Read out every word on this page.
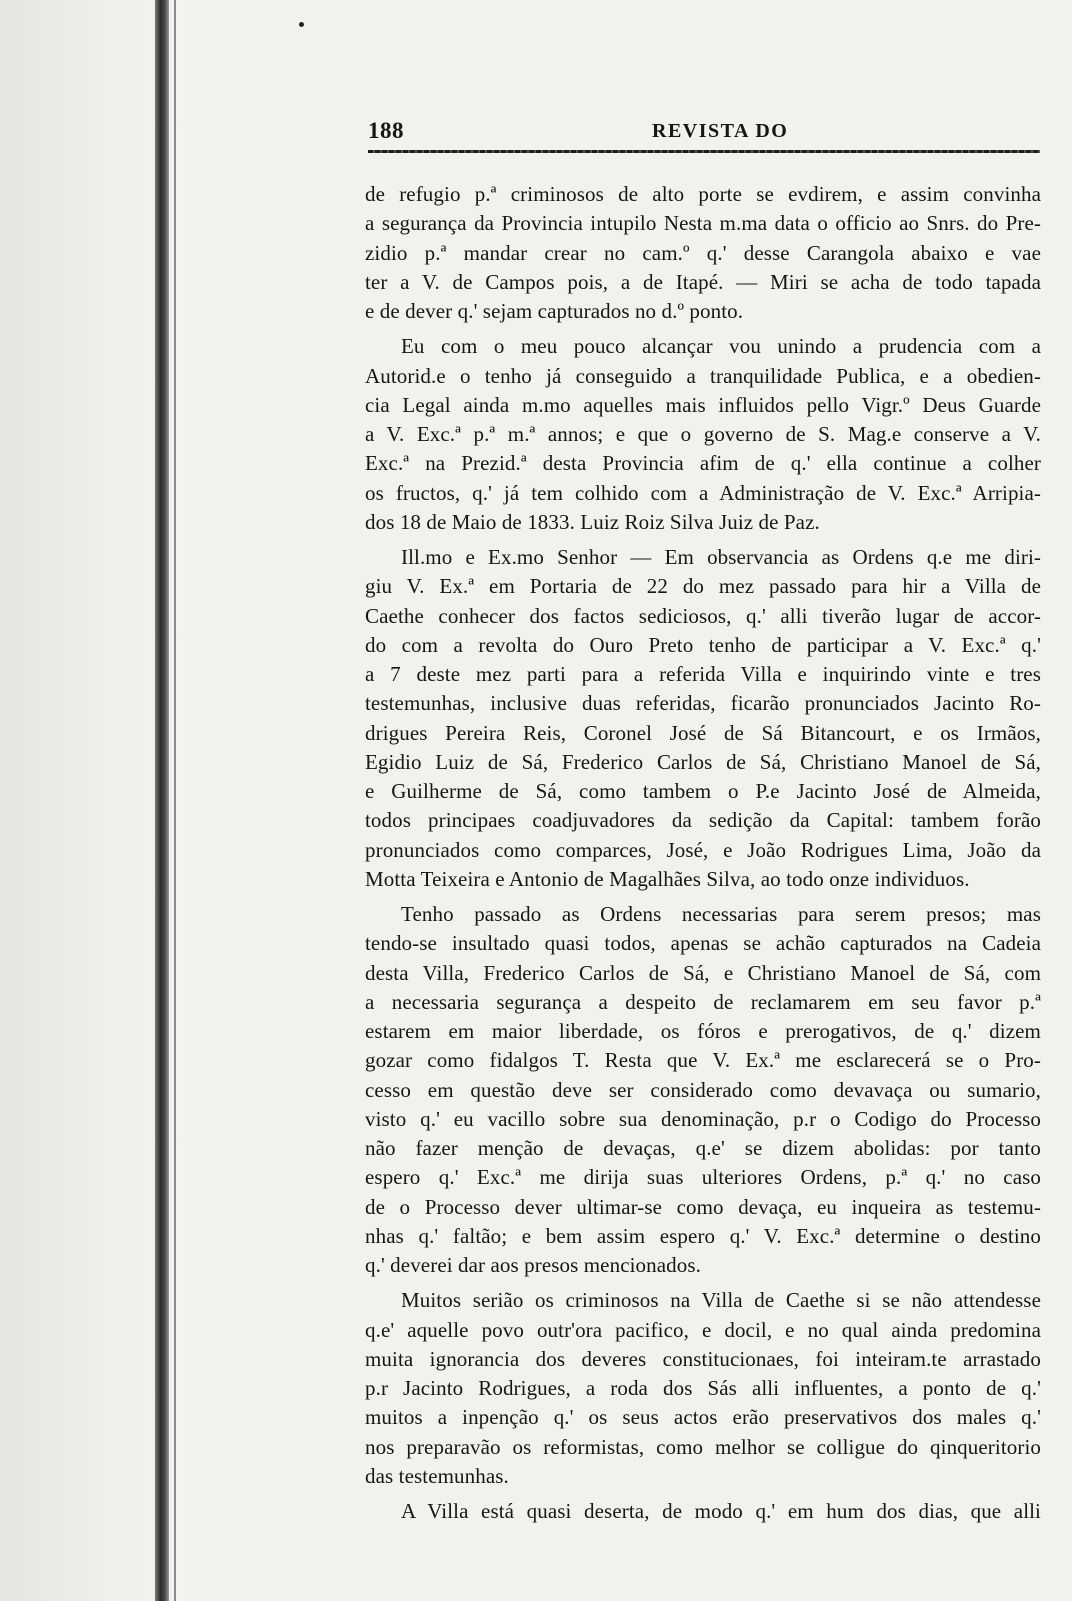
188	REVISTA DO
de refugio p.ª criminosos de alto porte se evdirem, e assim convinha
a segurança da Provincia intupilo Nesta m.ma data o officio ao Snrs. do Pre-
zidio p.ª mandar crear no cam.º q.' desse Carangola abaixo e vae
ter a V. de Campos pois, a de Itapé. — Miri se acha de todo tapada
e de dever q.' sejam capturados no d.º ponto.
Eu com o meu pouco alcançar vou unindo a prudencia com a
Autorid.e o tenho já conseguido a tranquilidade Publica, e a obedien-
cia Legal ainda m.mo aquelles mais influidos pello Vigr.º Deus Guarde
a V. Exc.ª p.ª m.ª annos; e que o governo de S. Mag.e conserve a V.
Exc.ª na Prezid.ª desta Provincia afim de q.' ella continue a colher
os fructos, q.' já tem colhido com a Administração de V. Exc.ª Arripia-
dos 18 de Maio de 1833. Luiz Roiz Silva Juiz de Paz.
Ill.mo e Ex.mo Senhor — Em observancia as Ordens q.e me diri-
giu V. Ex.ª em Portaria de 22 do mez passado para hir a Villa de
Caethe conhecer dos factos sediciosos, q.' alli tiverão lugar de accor-
do com a revolta do Ouro Preto tenho de participar a V. Exc.ª q.'
a 7 deste mez parti para a referida Villa e inquirindo vinte e tres
testemunhas, inclusive duas referidas, ficarão pronunciados Jacinto Ro-
drigues Pereira Reis, Coronel José de Sá Bitancourt, e os Irmãos,
Egidio Luiz de Sá, Frederico Carlos de Sá, Christiano Manoel de Sá,
e Guilherme de Sá, como tambem o P.e Jacinto José de Almeida,
todos principaes coadjuvadores da sedição da Capital: tambem forão
pronunciados como comparces, José, e João Rodrigues Lima, João da
Motta Teixeira e Antonio de Magalhães Silva, ao todo onze individuos.
Tenho passado as Ordens necessarias para serem presos; mas
tendo-se insultado quasi todos, apenas se achão capturados na Cadeia
desta Villa, Frederico Carlos de Sá, e Christiano Manoel de Sá, com
a necessaria segurança a despeito de reclamarem em seu favor p.ª
estarem em maior liberdade, os fóros e prerogativos, de q.' dizem
gozar como fidalgos T. Resta que V. Ex.ª me esclarecerá se o Pro-
cesso em questão deve ser considerado como devavaça ou sumario,
visto q.' eu vacillo sobre sua denominação, p.r o Codigo do Processo
não fazer menção de devaças, q.e' se dizem abolidas: por tanto
espero q.' Exc.ª me dirija suas ulteriores Ordens, p.ª q.' no caso
de o Processo dever ultimar-se como devaça, eu inqueira as testemu-
nhas q.' faltão; e bem assim espero q.' V. Exc.ª determine o destino
q.' deverei dar aos presos mencionados.
Muitos serião os criminosos na Villa de Caethe si se não attendesse
q.e' aquelle povo outr'ora pacifico, e docil, e no qual ainda predomina
muita ignorancia dos deveres constitucionaes, foi inteiram.te arrastado
p.r Jacinto Rodrigues, a roda dos Sás alli influentes, a ponto de q.'
muitos a inpenção q.' os seus actos erão preservativos dos males q.'
nos preparavão os reformistas, como melhor se colligue do qinqueritorio
das testemunhas.
A Villa está quasi deserta, de modo q.' em hum dos dias, que alli
